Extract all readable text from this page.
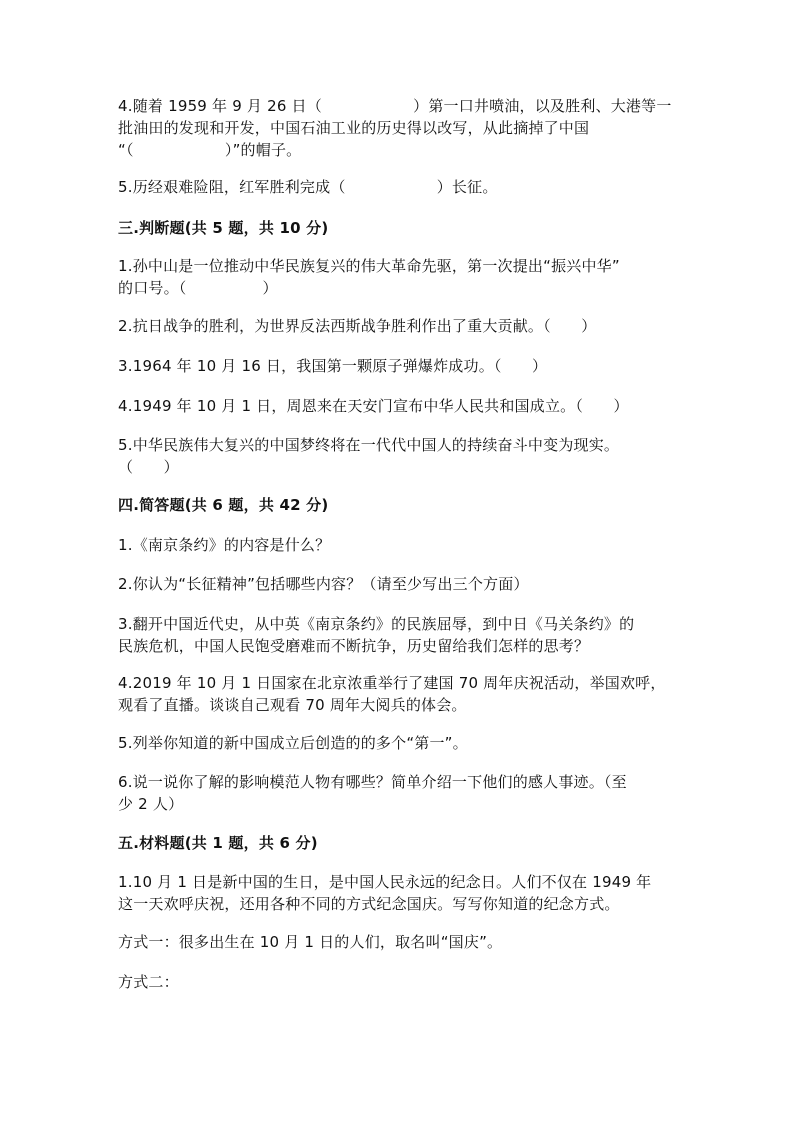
4.随着 1959 年 9 月 26 日（　　　　　　）第一口井喷油，以及胜利、大港等一
批油田的发现和开发，中国石油工业的历史得以改写，从此摘掉了中国
“（　　　　　　）”的帽子。
5.历经艰难险阻，红军胜利完成（　　　　　　）长征。
三.判断题(共 5 题，共 10 分)
1.孙中山是一位推动中华民族复兴的伟大革命先驱，第一次提出“振兴中华”
的口号。（　　　　　）
2.抗日战争的胜利，为世界反法西斯战争胜利作出了重大贡献。（　　）
3.1964 年 10 月 16 日，我国第一颗原子弹爆炸成功。（　　）
4.1949 年 10 月 1 日，周恩来在天安门宣布中华人民共和国成立。（　　）
5.中华民族伟大复兴的中国梦终将在一代代中国人的持续奋斗中变为现实。
（　　）
四.简答题(共 6 题，共 42 分)
1.《南京条约》的内容是什么？
2.你认为“长征精神”包括哪些内容？（请至少写出三个方面）
3.翻开中国近代史，从中英《南京条约》的民族屈辱，到中日《马关条约》的
民族危机，中国人民饱受磨难而不断抗争，历史留给我们怎样的思考？
4.2019 年 10 月 1 日国家在北京浓重举行了建国 70 周年庆祝活动，举国欢呼，
观看了直播。谈谈自己观看 70 周年大阅兵的体会。
5.列举你知道的新中国成立后创造的的多个“第一”。
6.说一说你了解的影响模范人物有哪些？简单介绍一下他们的感人事迹。（至
少 2 人）
五.材料题(共 1 题，共 6 分)
1.10 月 1 日是新中国的生日，是中国人民永远的纪念日。人们不仅在 1949 年
这一天欢呼庆祝，还用各种不同的方式纪念国庆。写写你知道的纪念方式。
方式一：很多出生在 10 月 1 日的人们，取名叫“国庆”。
方式二：
